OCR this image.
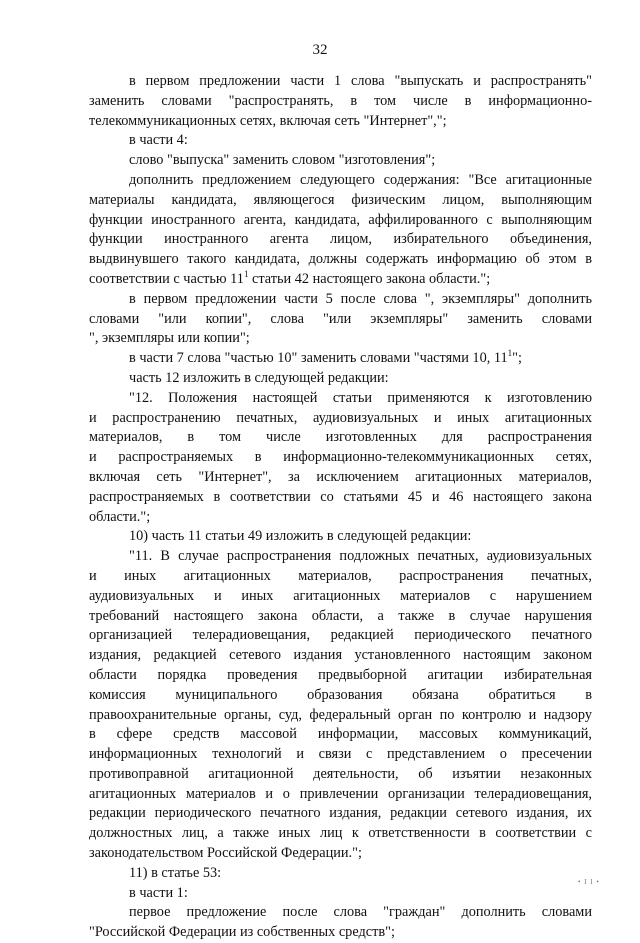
32
в первом предложении части 1 слова "выпускать и распространять"
заменить словами "распространять, в том числе в информационно-
телекоммуникационных сетях, включая сеть "Интернет",";
в части 4:
слово "выпуска" заменить словом "изготовления";
дополнить предложением следующего содержания: "Все агитационные
материалы кандидата, являющегося физическим лицом, выполняющим
функции иностранного агента, кандидата, аффилированного с выполняющим
функции иностранного агента лицом, избирательного объединения,
выдвинувшего такого кандидата, должны содержать информацию об этом в
соответствии с частью $11^1$ статьи 42 настоящего закона области.";
в первом предложении части 5 после слова ", экземпляры" дополнить
словами "или копии", слова "или экземпляры" заменить словами
", экземпляры или копии";
в части 7 слова "частью 10" заменить словами "частями 10, $11^1$";
часть 12 изложить в следующей редакции:
"12. Положения настоящей статьи применяются к изготовлению
и распространению печатных, аудиовизуальных и иных агитационных
материалов, в том числе изготовленных для распространения
и распространяемых в информационно-телекоммуникационных сетях,
включая сеть "Интернет", за исключением агитационных материалов,
распространяемых в соответствии со статьями 45 и 46 настоящего закона
области.";
10) часть 11 статьи 49 изложить в следующей редакции:
"11. В случае распространения подложных печатных, аудиовизуальных
и иных агитационных материалов, распространения печатных,
аудиовизуальных и иных агитационных материалов с нарушением
требований настоящего закона области, а также в случае нарушения
организацией телерадиовещания, редакцией периодического печатного
издания, редакцией сетевого издания установленного настоящим законом
области порядка проведения предвыборной агитации избирательная
комиссия муниципального образования обязана обратиться в
правоохранительные органы, суд, федеральный орган по контролю и надзору
в сфере средств массовой информации, массовых коммуникаций,
информационных технологий и связи с представлением о пресечении
противоправной агитационной деятельности, об изъятии незаконных
агитационных материалов и о привлечении организации телерадиовещания,
редакции периодического печатного издания, редакции сетевого издания, их
должностных лиц, а также иных лиц к ответственности в соответствии с
законодательством Российской Федерации.";
11) в статье 53:
в части 1:
первое предложение после слова "граждан" дополнить словами
"Российской Федерации из собственных средств";
• I I •
